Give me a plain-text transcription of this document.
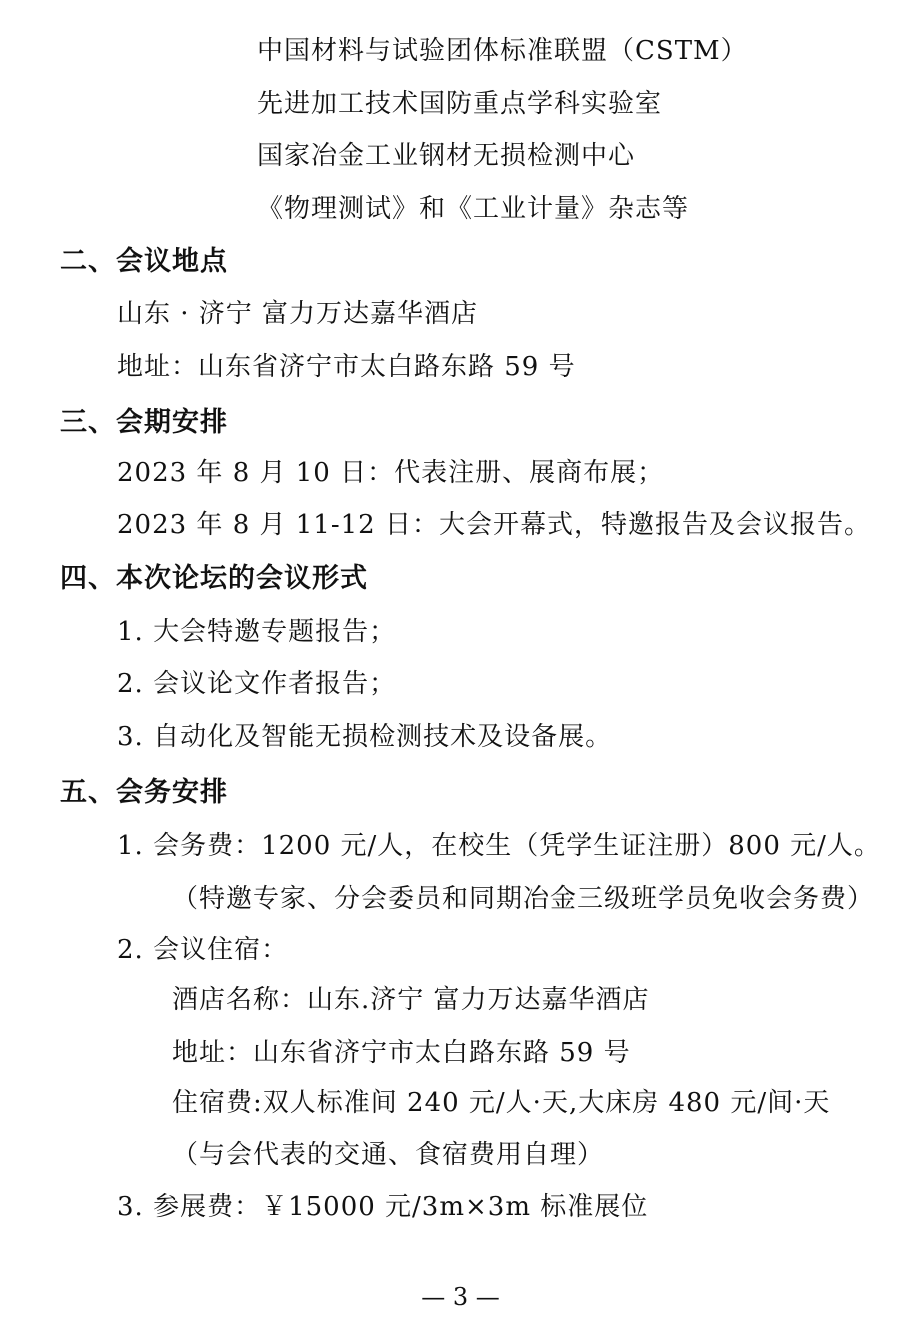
中国材料与试验团体标准联盟（CSTM）
先进加工技术国防重点学科实验室
国家冶金工业钢材无损检测中心
《物理测试》和《工业计量》杂志等
二、会议地点
山东 · 济宁 富力万达嘉华酒店
地址：山东省济宁市太白路东路 59 号
三、会期安排
2023 年 8 月 10 日：代表注册、展商布展；
2023 年 8 月 11-12 日：大会开幕式，特邀报告及会议报告。
四、本次论坛的会议形式
1. 大会特邀专题报告；
2. 会议论文作者报告；
3. 自动化及智能无损检测技术及设备展。
五、会务安排
1. 会务费：1200 元/人，在校生（凭学生证注册）800 元/人。
（特邀专家、分会委员和同期冶金三级班学员免收会务费）
2. 会议住宿：
酒店名称：山东.济宁 富力万达嘉华酒店
地址：山东省济宁市太白路东路 59 号
住宿费:双人标准间 240 元/人·天,大床房 480 元/间·天
（与会代表的交通、食宿费用自理）
3. 参展费：￥15000 元/3m×3m 标准展位
— 3 —
